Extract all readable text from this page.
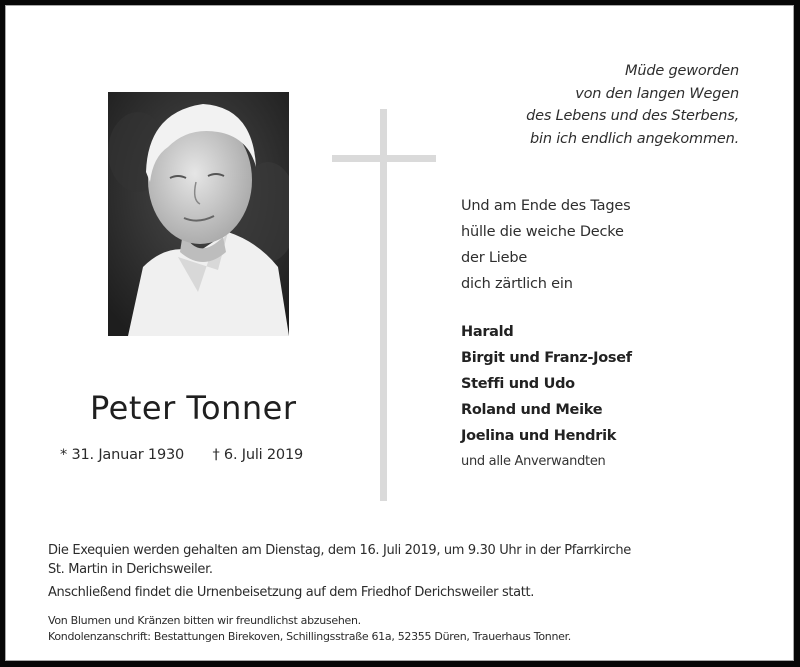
Müde geworden
von den langen Wegen
des Lebens und des Sterbens,
bin ich endlich angekommen.
Und am Ende des Tages
hülle die weiche Decke
der Liebe
dich zärtlich ein
Harald
Birgit und Franz-Josef
Steffi und Udo
Roland und Meike
Joelina und Hendrik
und alle Anverwandten
Peter Tonner
* 31. Januar 1930 † 6. Juli 2019
Die Exequien werden gehalten am Dienstag, dem 16. Juli 2019, um 9.30 Uhr in der Pfarrkirche
St. Martin in Derichsweiler.
Anschließend findet die Urnenbeisetzung auf dem Friedhof Derichsweiler statt.
Von Blumen und Kränzen bitten wir freundlichst abzusehen.
Kondolenzanschrift: Bestattungen Birekoven, Schillingsstraße 61a, 52355 Düren, Trauerhaus Tonner.
